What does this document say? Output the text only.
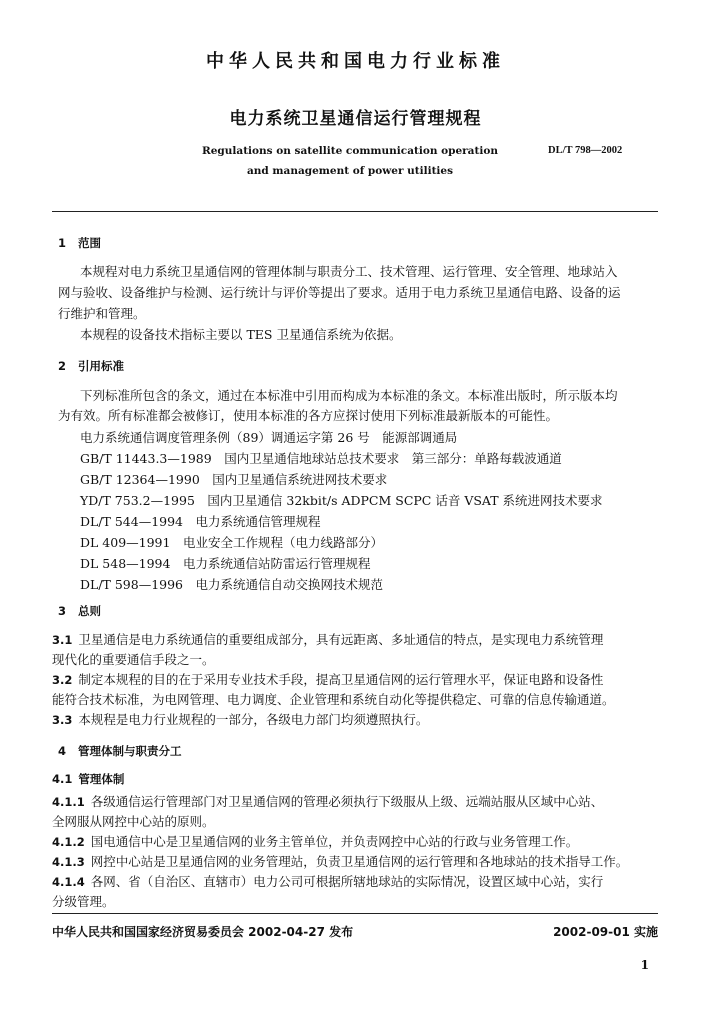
中华人民共和国电力行业标准
电力系统卫星通信运行管理规程
Regulations on satellite communication operation
and management of power utilities
DL/T 798—2002
1 范围
本规程对电力系统卫星通信网的管理体制与职责分工、技术管理、运行管理、安全管理、地球站入
网与验收、设备维护与检测、运行统计与评价等提出了要求。适用于电力系统卫星通信电路、设备的运
行维护和管理。
本规程的设备技术指标主要以 TES 卫星通信系统为依据。
2 引用标准
下列标准所包含的条文，通过在本标准中引用而构成为本标准的条文。本标准出版时，所示版本均
为有效。所有标准都会被修订，使用本标准的各方应探讨使用下列标准最新版本的可能性。
电力系统通信调度管理条例（89）调通运字第 26 号　能源部调通局
GB/T 11443.3—1989　国内卫星通信地球站总技术要求　第三部分：单路每载波通道
GB/T 12364—1990　国内卫星通信系统进网技术要求
YD/T 753.2—1995　国内卫星通信 32kbit/s ADPCM SCPC 话音 VSAT 系统进网技术要求
DL/T 544—1994　电力系统通信管理规程
DL 409—1991　电业安全工作规程（电力线路部分）
DL 548—1994　电力系统通信站防雷运行管理规程
DL/T 598—1996　电力系统通信自动交换网技术规范
3 总则
3.1 卫星通信是电力系统通信的重要组成部分，具有远距离、多址通信的特点，是实现电力系统管理
现代化的重要通信手段之一。
3.2 制定本规程的目的在于采用专业技术手段，提高卫星通信网的运行管理水平，保证电路和设备性
能符合技术标准，为电网管理、电力调度、企业管理和系统自动化等提供稳定、可靠的信息传输通道。
3.3 本规程是电力行业规程的一部分，各级电力部门均须遵照执行。
4 管理体制与职责分工
4.1 管理体制
4.1.1 各级通信运行管理部门对卫星通信网的管理必须执行下级服从上级、远端站服从区域中心站、
全网服从网控中心站的原则。
4.1.2 国电通信中心是卫星通信网的业务主管单位，并负责网控中心站的行政与业务管理工作。
4.1.3 网控中心站是卫星通信网的业务管理站，负责卫星通信网的运行管理和各地球站的技术指导工作。
4.1.4 各网、省（自治区、直辖市）电力公司可根据所辖地球站的实际情况，设置区域中心站，实行
分级管理。
中华人民共和国国家经济贸易委员会 2002-04-27 发布	2002-09-01 实施
1
